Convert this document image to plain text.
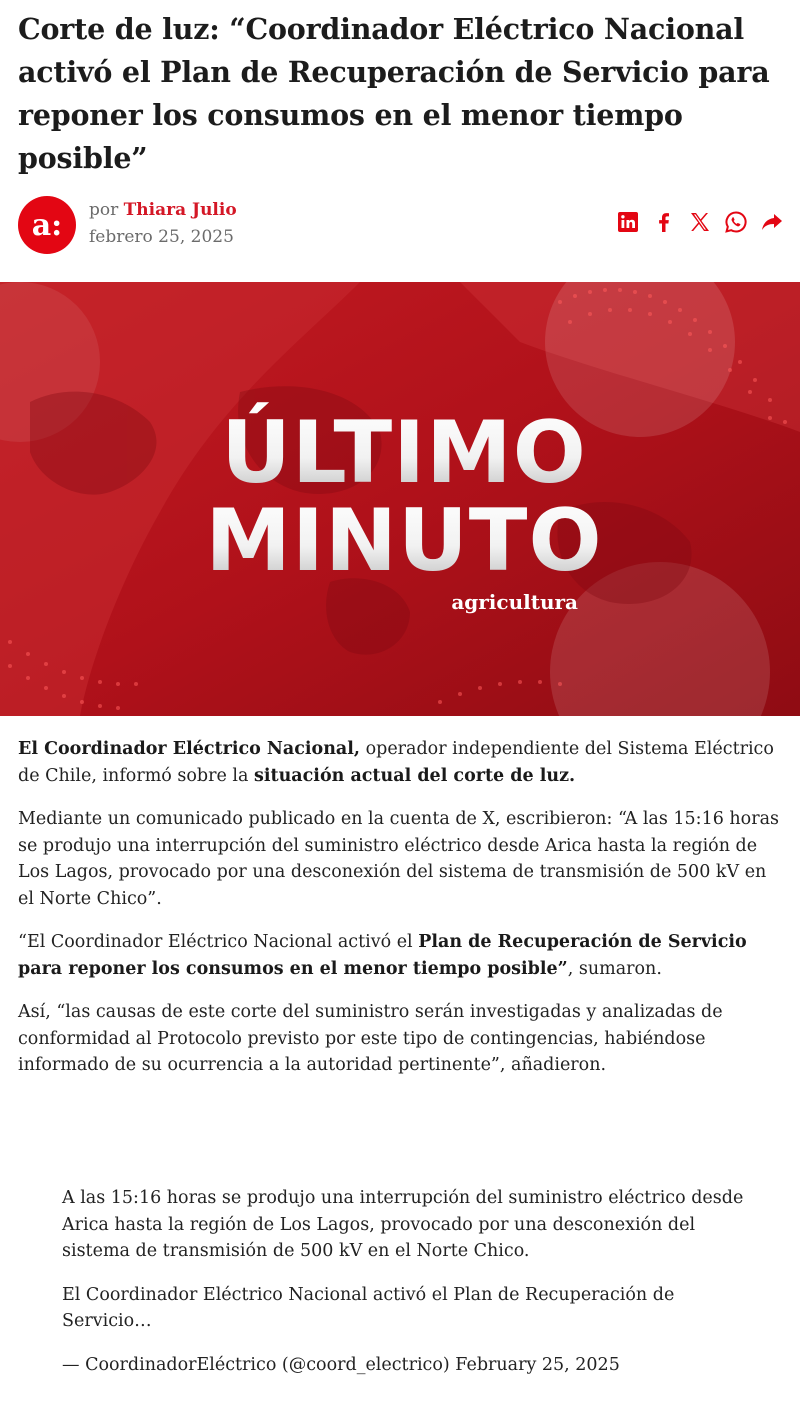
Corte de luz: “Coordinador Eléctrico Nacional activó el Plan de Recuperación de Servicio para reponer los consumos en el menor tiempo posible”
a:	por Thiara Julio
febrero 25, 2025
ÚLTIMO
MINUTO
agricultura

El Coordinador Eléctrico Nacional, operador independiente del Sistema Eléctrico de Chile, informó sobre la situación actual del corte de luz.

Mediante un comunicado publicado en la cuenta de X, escribieron: “A las 15:16 horas se produjo una interrupción del suministro eléctrico desde Arica hasta la región de Los Lagos, provocado por una desconexión del sistema de transmisión de 500 kV en el Norte Chico”.

“El Coordinador Eléctrico Nacional activó el Plan de Recuperación de Servicio para reponer los consumos en el menor tiempo posible”, sumaron.

Así, “las causas de este corte del suministro serán investigadas y analizadas de conformidad al Protocolo previsto por este tipo de contingencias, habiéndose informado de su ocurrencia a la autoridad pertinente”, añadieron.

A las 15:16 horas se produjo una interrupción del suministro eléctrico desde Arica hasta la región de Los Lagos, provocado por una desconexión del sistema de transmisión de 500 kV en el Norte Chico.

El Coordinador Eléctrico Nacional activó el Plan de Recuperación de Servicio…

— CoordinadorEléctrico (@coord_electrico) February 25, 2025
